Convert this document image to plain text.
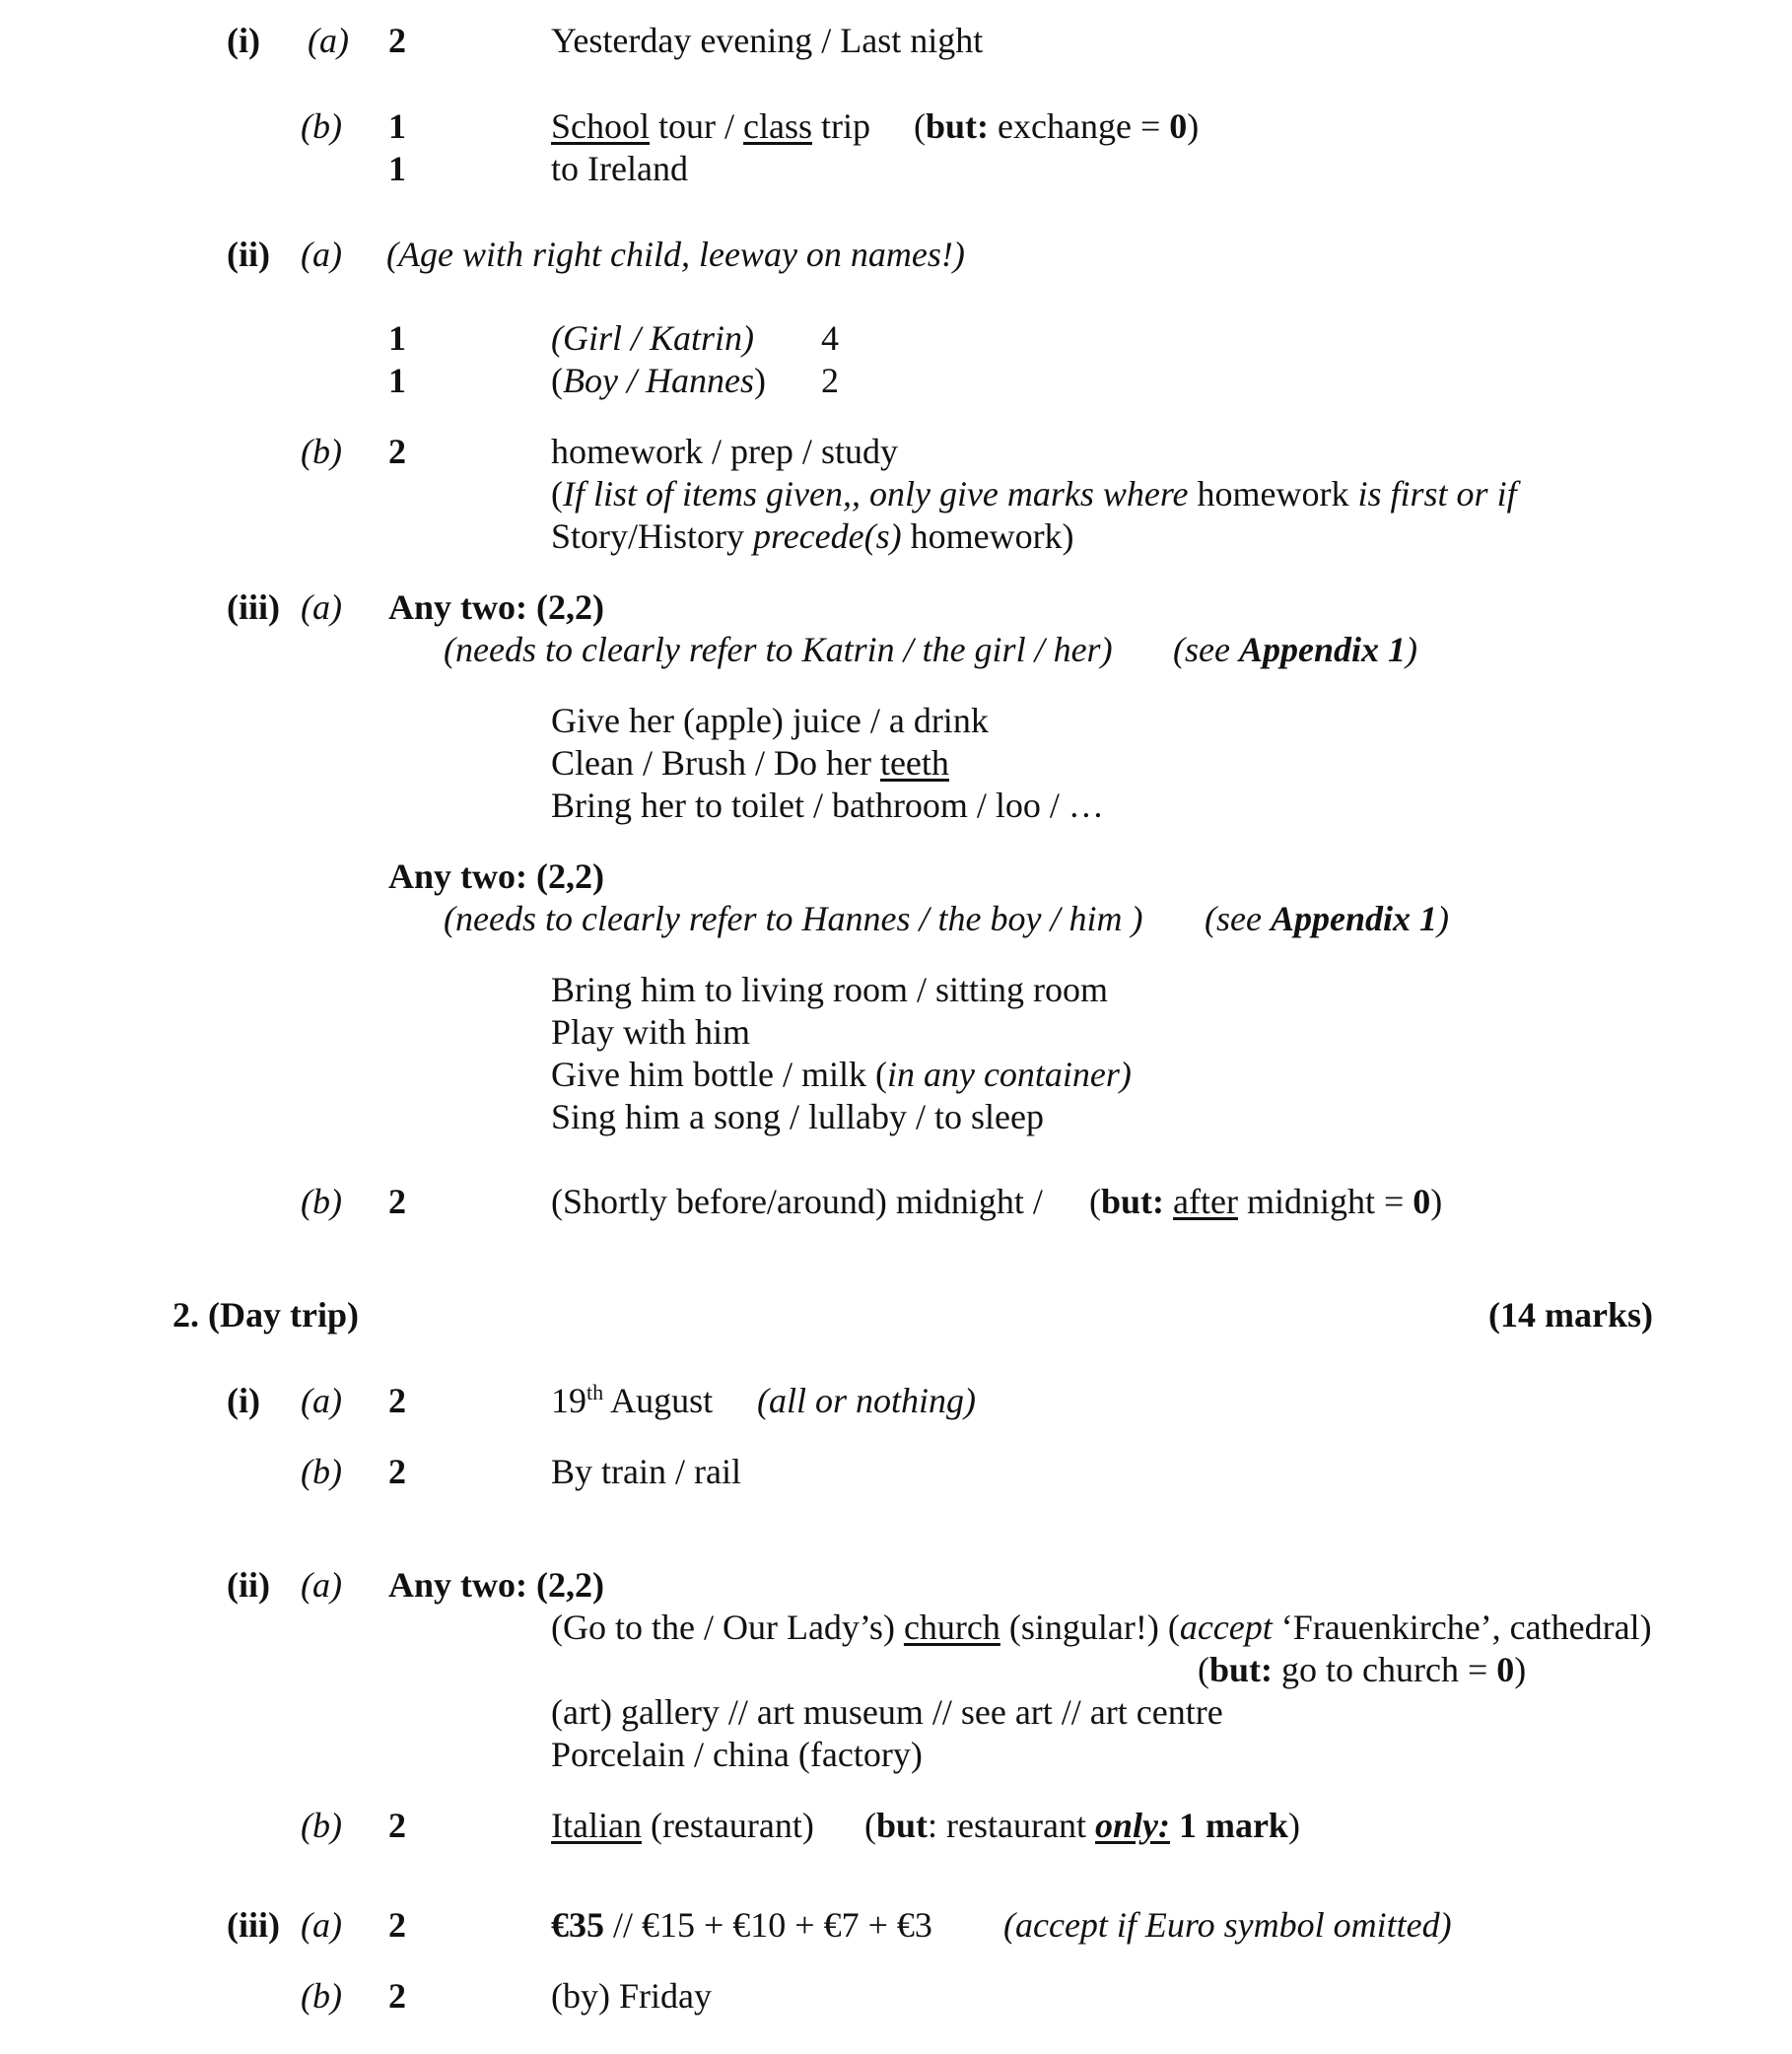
(i) (a) 2	Yesterday evening / Last night
(b) 1	School tour / class trip (but: exchange = 0)
1	to Ireland
(ii) (a) (Age with right child, leeway on names!)
1	(Girl / Katrin) 4
1	(Boy / Hannes) 2
(b) 2	homework / prep / study
(If list of items given,, only give marks where homework is first or if
Story/History precede(s) homework)
(iii) (a) Any two: (2,2)
(needs to clearly refer to Katrin / the girl / her) (see Appendix 1)
Give her (apple) juice / a drink
Clean / Brush / Do her teeth
Bring her to toilet / bathroom / loo / …
Any two: (2,2)
(needs to clearly refer to Hannes / the boy / him ) (see Appendix 1)
Bring him to living room / sitting room
Play with him
Give him bottle / milk (in any container)
Sing him a song / lullaby / to sleep
(b) 2	(Shortly before/around) midnight / (but: after midnight = 0)
2. (Day trip)	(14 marks)
(i) (a) 2	19th August (all or nothing)
(b) 2	By train / rail
(ii) (a) Any two: (2,2)
(Go to the / Our Lady’s) church (singular!) (accept ‘Frauenkirche’, cathedral)
(but: go to church = 0)
(art) gallery // art museum // see art // art centre
Porcelain / china (factory)
(b) 2	Italian (restaurant) (but: restaurant only: 1 mark)
(iii) (a) 2	€35 // €15 + €10 + €7 + €3 (accept if Euro symbol omitted)
(b) 2	(by) Friday
